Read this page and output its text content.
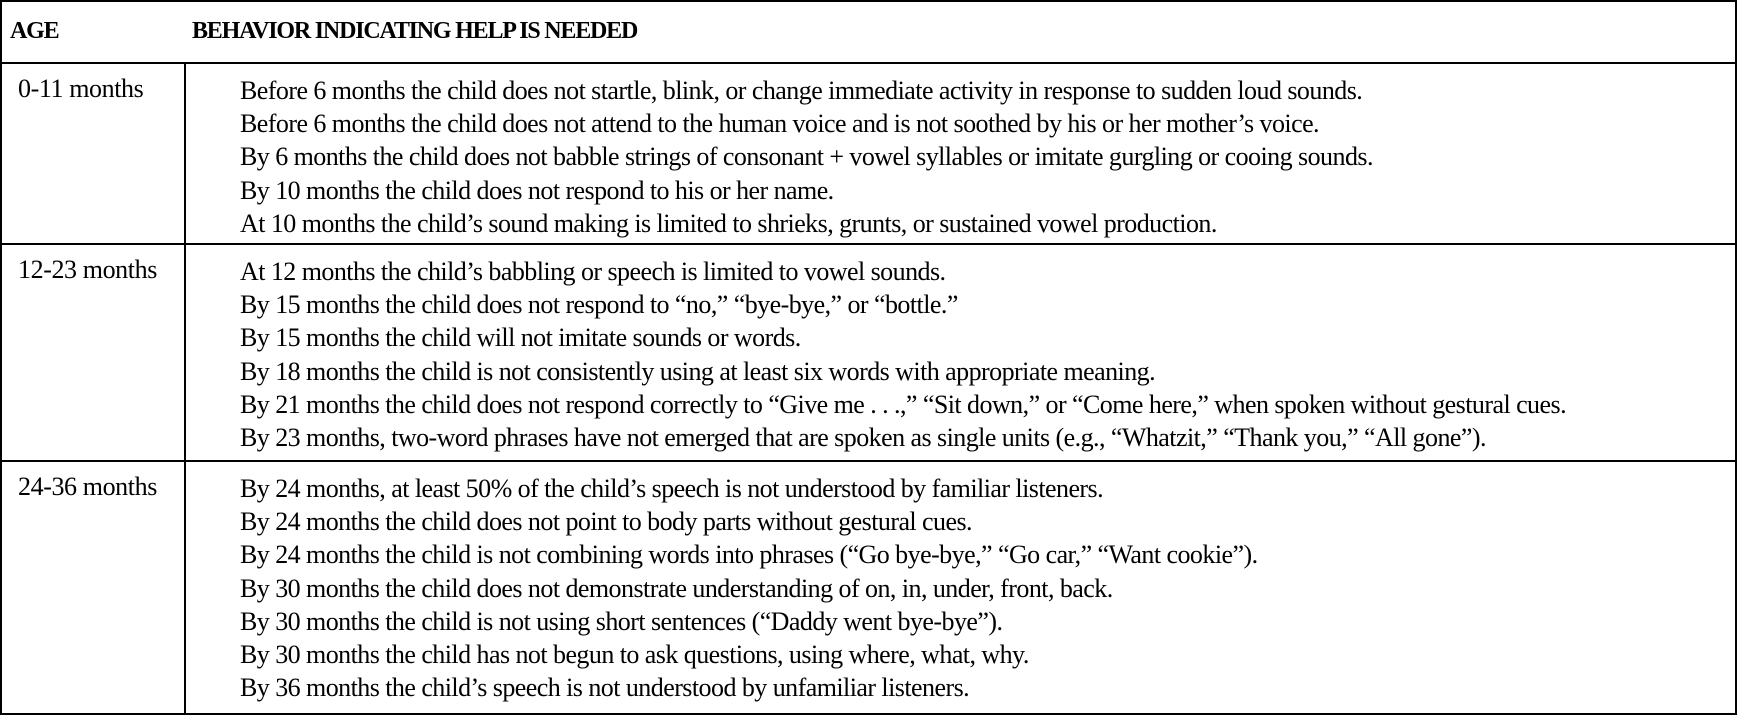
AGE	BEHAVIOR INDICATING HELP IS NEEDED
0-11 months	Before 6 months the child does not startle, blink, or change immediate activity in response to sudden loud sounds.
Before 6 months the child does not attend to the human voice and is not soothed by his or her mother’s voice.
By 6 months the child does not babble strings of consonant + vowel syllables or imitate gurgling or cooing sounds.
By 10 months the child does not respond to his or her name.
At 10 months the child’s sound making is limited to shrieks, grunts, or sustained vowel production.
12-23 months	At 12 months the child’s babbling or speech is limited to vowel sounds.
By 15 months the child does not respond to “no,” “bye-bye,” or “bottle.”
By 15 months the child will not imitate sounds or words.
By 18 months the child is not consistently using at least six words with appropriate meaning.
By 21 months the child does not respond correctly to “Give me . . .,” “Sit down,” or “Come here,” when spoken without gestural cues.
By 23 months, two-word phrases have not emerged that are spoken as single units (e.g., “Whatzit,” “Thank you,” “All gone”).
24-36 months	By 24 months, at least 50% of the child’s speech is not understood by familiar listeners.
By 24 months the child does not point to body parts without gestural cues.
By 24 months the child is not combining words into phrases (“Go bye-bye,” “Go car,” “Want cookie”).
By 30 months the child does not demonstrate understanding of on, in, under, front, back.
By 30 months the child is not using short sentences (“Daddy went bye-bye”).
By 30 months the child has not begun to ask questions, using where, what, why.
By 36 months the child’s speech is not understood by unfamiliar listeners.
